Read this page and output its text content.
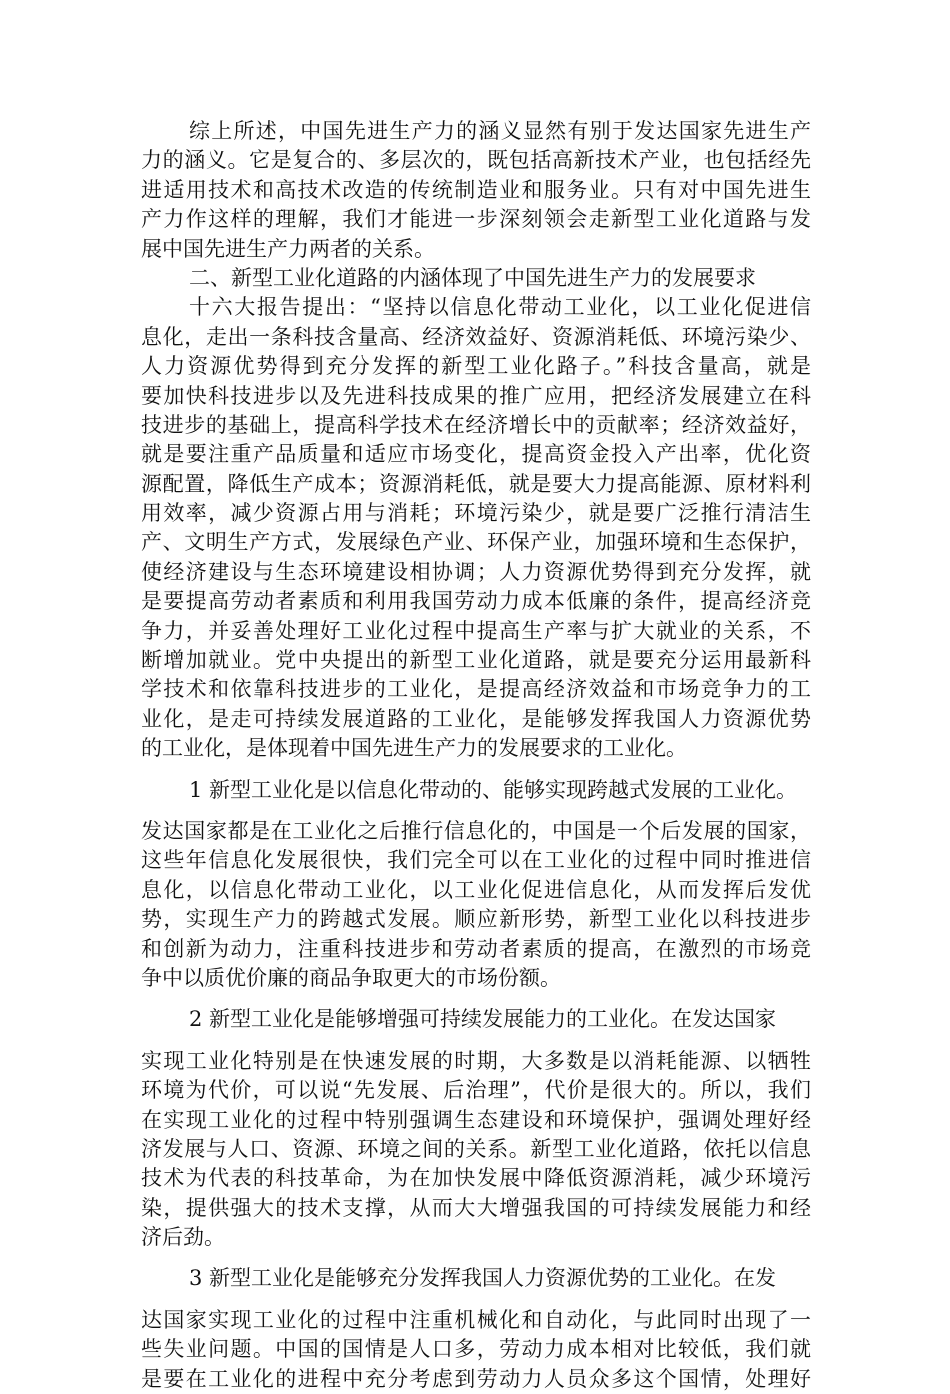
综上所述，中国先进生产力的涵义显然有别于发达国家先进生产
力的涵义。它是复合的、多层次的，既包括高新技术产业，也包括经先
进适用技术和高技术改造的传统制造业和服务业。只有对中国先进生
产力作这样的理解，我们才能进一步深刻领会走新型工业化道路与发
展中国先进生产力两者的关系。
二、新型工业化道路的内涵体现了中国先进生产力的发展要求
十六大报告提出：“坚持以信息化带动工业化，以工业化促进信
息化，走出一条科技含量高、经济效益好、资源消耗低、环境污染少、
人力资源优势得到充分发挥的新型工业化路子。”科技含量高，就是
要加快科技进步以及先进科技成果的推广应用，把经济发展建立在科
技进步的基础上，提高科学技术在经济增长中的贡献率；经济效益好，
就是要注重产品质量和适应市场变化，提高资金投入产出率，优化资
源配置，降低生产成本；资源消耗低，就是要大力提高能源、原材料利
用效率，减少资源占用与消耗；环境污染少，就是要广泛推行清洁生
产、文明生产方式，发展绿色产业、环保产业，加强环境和生态保护，
使经济建设与生态环境建设相协调；人力资源优势得到充分发挥，就
是要提高劳动者素质和利用我国劳动力成本低廉的条件，提高经济竞
争力，并妥善处理好工业化过程中提高生产率与扩大就业的关系，不
断增加就业。党中央提出的新型工业化道路，就是要充分运用最新科
学技术和依靠科技进步的工业化，是提高经济效益和市场竞争力的工
业化，是走可持续发展道路的工业化，是能够发挥我国人力资源优势
的工业化，是体现着中国先进生产力的发展要求的工业化。
1 新型工业化是以信息化带动的、能够实现跨越式发展的工业化。
发达国家都是在工业化之后推行信息化的，中国是一个后发展的国家，
这些年信息化发展很快，我们完全可以在工业化的过程中同时推进信
息化，以信息化带动工业化，以工业化促进信息化，从而发挥后发优
势，实现生产力的跨越式发展。顺应新形势，新型工业化以科技进步
和创新为动力，注重科技进步和劳动者素质的提高，在激烈的市场竞
争中以质优价廉的商品争取更大的市场份额。
2 新型工业化是能够增强可持续发展能力的工业化。在发达国家
实现工业化特别是在快速发展的时期，大多数是以消耗能源、以牺牲
环境为代价，可以说“先发展、后治理”，代价是很大的。所以，我们
在实现工业化的过程中特别强调生态建设和环境保护，强调处理好经
济发展与人口、资源、环境之间的关系。新型工业化道路，依托以信息
技术为代表的科技革命，为在加快发展中降低资源消耗，减少环境污
染，提供强大的技术支撑，从而大大增强我国的可持续发展能力和经
济后劲。
3 新型工业化是能够充分发挥我国人力资源优势的工业化。在发
达国家实现工业化的过程中注重机械化和自动化，与此同时出现了一
些失业问题。中国的国情是人口多，劳动力成本相对比较低，我们就
是要在工业化的进程中充分考虑到劳动力人员众多这个国情，处理好
